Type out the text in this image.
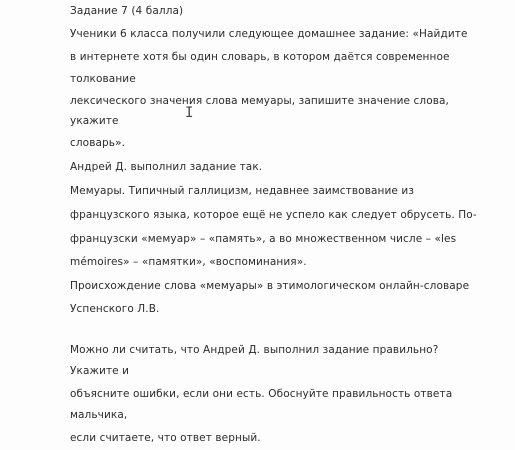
Задание 7 (4 балла)
Ученики 6 класса получили следующее домашнее задание: «Найдите
в интернете хотя бы один словарь, в котором даётся современное
толкование
лексического значения слова мемуары, запишите значение слова,
укажите
словарь».
Андрей Д. выполнил задание так.
Мемуары. Типичный галлицизм, недавнее заимствование из
французского языка, которое ещё не успело как следует обрусеть. По-
французски «мемуар» – «память», а во множественном числе – «les
mémoires» – «памятки», «воспоминания».
Происхождение слова «мемуары» в этимологическом онлайн-словаре
Успенского Л.В.
Можно ли считать, что Андрей Д. выполнил задание правильно?
Укажите и
объясните ошибки, если они есть. Обоснуйте правильность ответа
мальчика,
если считаете, что ответ верный.
I
